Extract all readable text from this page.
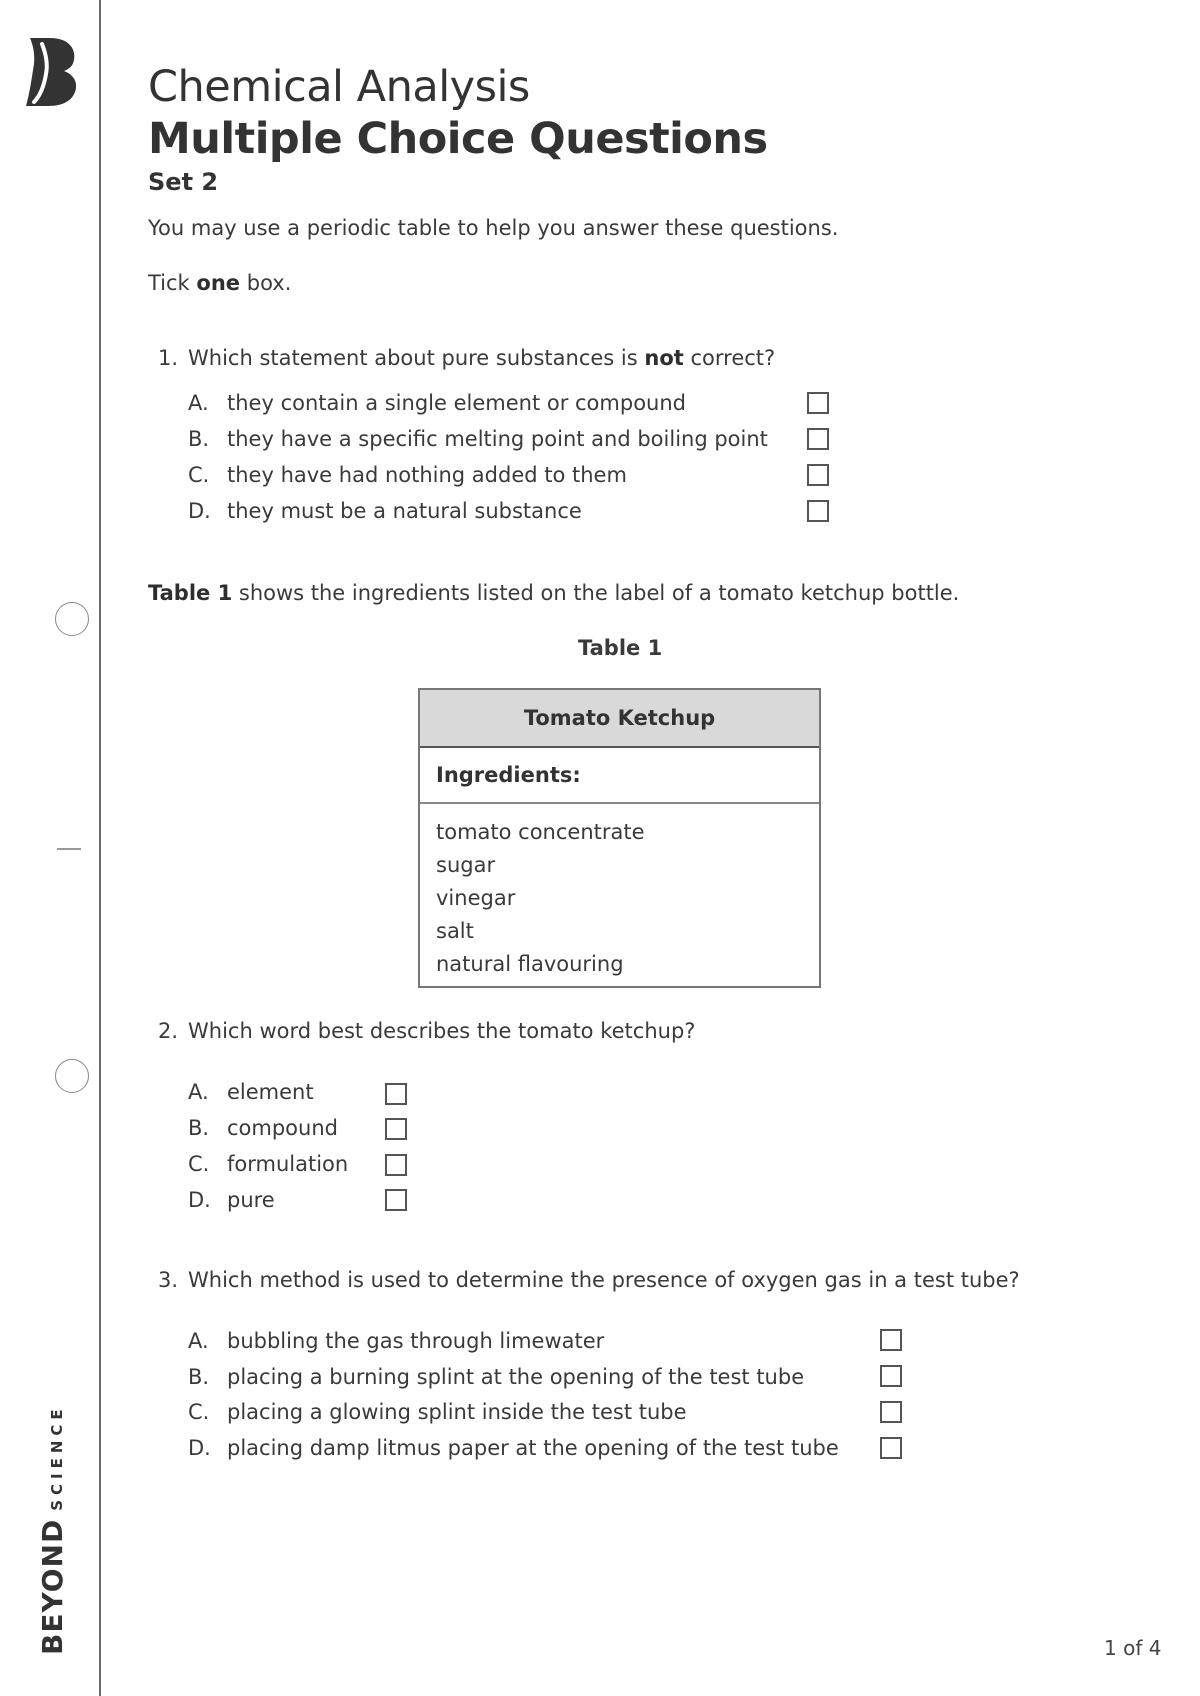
BEYONDSCIENCE
Chemical Analysis
Multiple Choice Questions
Set 2
You may use a periodic table to help you answer these questions.
Tick one box.
1. Which statement about pure substances is not correct?
A. they contain a single element or compound
B. they have a specific melting point and boiling point
C. they have had nothing added to them
D. they must be a natural substance
Table 1 shows the ingredients listed on the label of a tomato ketchup bottle.
Table 1
Tomato Ketchup
Ingredients:
tomato concentrate
sugar
vinegar
salt
natural flavouring
2. Which word best describes the tomato ketchup?
A. element
B. compound
C. formulation
D. pure
3. Which method is used to determine the presence of oxygen gas in a test tube?
A. bubbling the gas through limewater
B. placing a burning splint at the opening of the test tube
C. placing a glowing splint inside the test tube
D. placing damp litmus paper at the opening of the test tube
1 of 4
